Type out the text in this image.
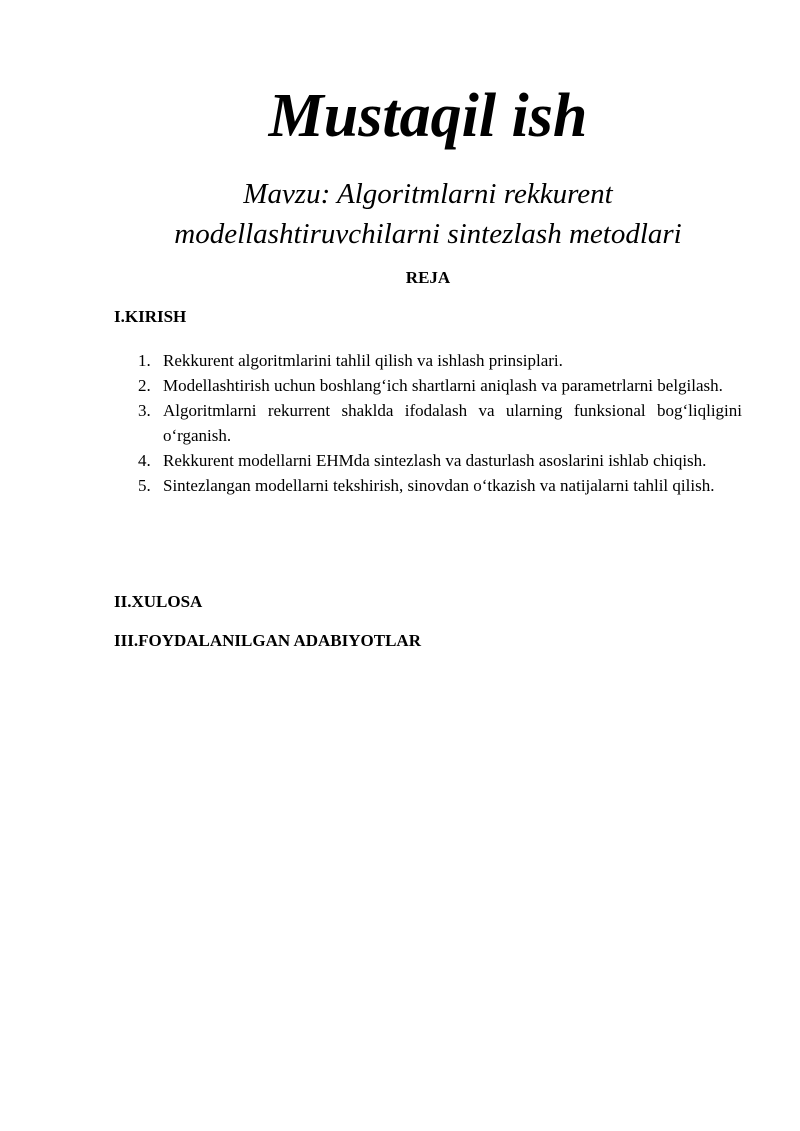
Mustaqil ish
Mavzu: Algoritmlarni rekkurent
modellashtiruvchilarni sintezlash metodlari
REJA
I.KIRISH
1. Rekkurent algoritmlarini tahlil qilish va ishlash prinsiplari.
2. Modellashtirish uchun boshlang‘ich shartlarni aniqlash va parametrlarni belgilash.
3. Algoritmlarni rekurrent shaklda ifodalash va ularning funksional bog‘liqligini o‘rganish.
4. Rekkurent modellarni EHMda sintezlash va dasturlash asoslarini ishlab chiqish.
5. Sintezlangan modellarni tekshirish, sinovdan o‘tkazish va natijalarni tahlil qilish.
II.XULOSA
III.FOYDALANILGAN ADABIYOTLAR
